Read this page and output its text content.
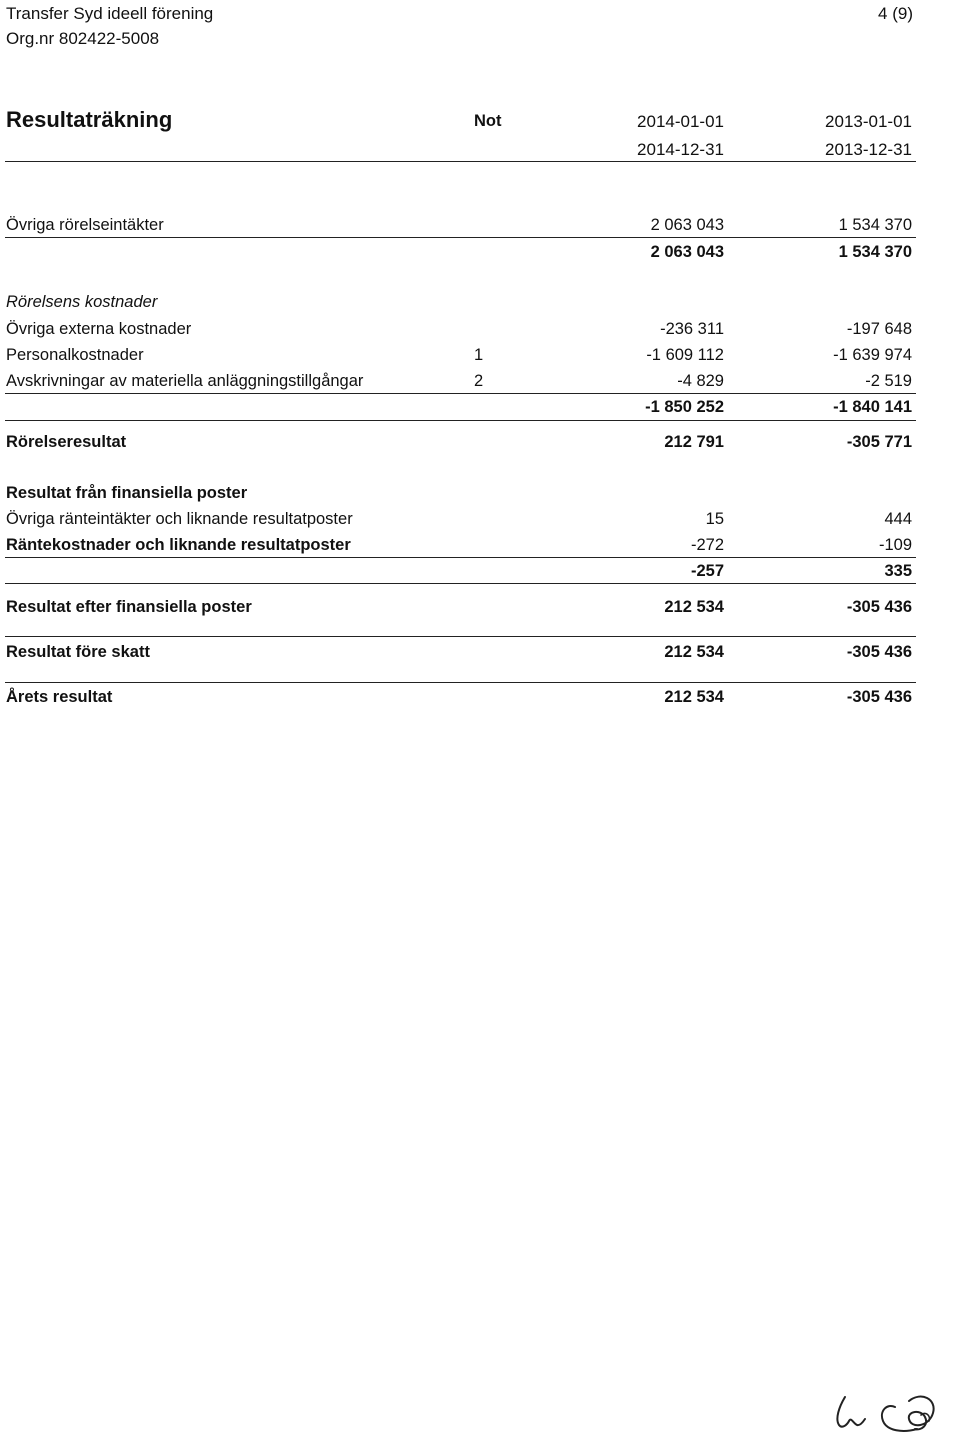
Transfer Syd ideell förening
Org.nr 802422-5008
4 (9)
Resultaträkning	Not	2014-01-01	2013-01-01
2014-12-31	2013-12-31
Övriga rörelseintäkter	2 063 043	1 534 370
2 063 043	1 534 370
Rörelsens kostnader
Övriga externa kostnader	-236 311	-197 648
Personalkostnader	1	-1 609 112	-1 639 974
Avskrivningar av materiella anläggningstillgångar	2	-4 829	-2 519
-1 850 252	-1 840 141
Rörelseresultat	212 791	-305 771
Resultat från finansiella poster
Övriga ränteintäkter och liknande resultatposter	15	444
Räntekostnader och liknande resultatposter	-272	-109
-257	335
Resultat efter finansiella poster	212 534	-305 436
Resultat före skatt	212 534	-305 436
Årets resultat	212 534	-305 436
